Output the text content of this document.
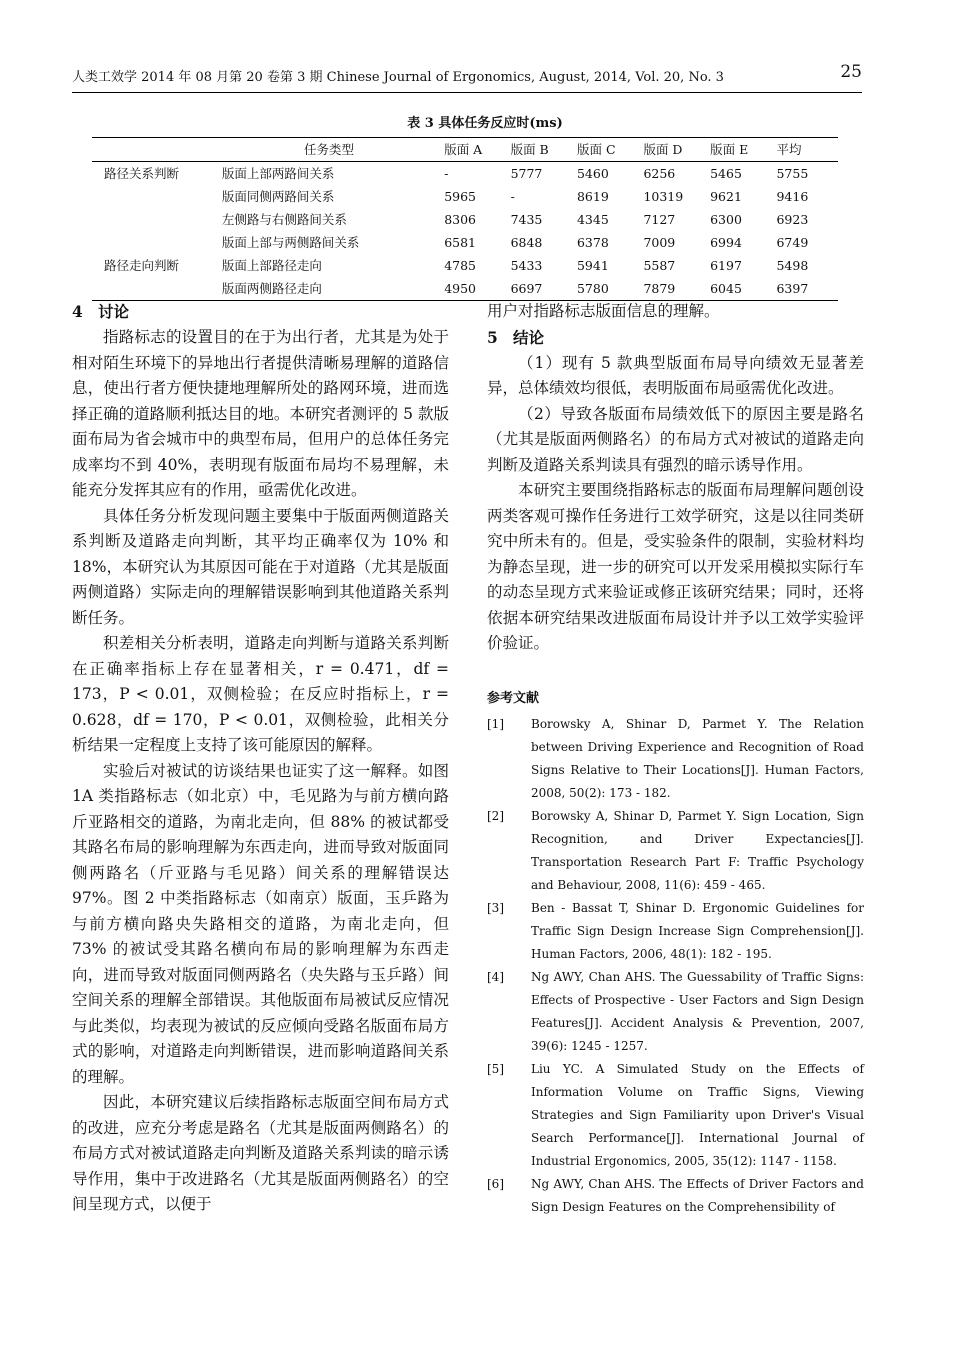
人类工效学 2014 年 08 月第 20 卷第 3 期 Chinese Journal of Ergonomics, August, 2014, Vol. 20, No. 3	25
表 3 具体任务反应时(ms)
	任务类型	版面 A	版面 B	版面 C	版面 D	版面 E	平均
路径关系判断	版面上部两路间关系	-	5777	5460	6256	5465	5755
	版面同侧两路间关系	5965	-	8619	10319	9621	9416
	左侧路与右侧路间关系	8306	7435	4345	7127	6300	6923
	版面上部与两侧路间关系	6581	6848	6378	7009	6994	6749
路径走向判断	版面上部路径走向	4785	5433	5941	5587	6197	5498
	版面两侧路径走向	4950	6697	5780	7879	6045	6397
4 讨论

指路标志的设置目的在于为出行者，尤其是为处于相对陌生环境下的异地出行者提供清晰易理解的道路信息，使出行者方便快捷地理解所处的路网环境，进而选择正确的道路顺利抵达目的地。本研究者测评的 5 款版面布局为省会城市中的典型布局，但用户的总体任务完成率均不到 40%，表明现有版面布局均不易理解，未能充分发挥其应有的作用，亟需优化改进。

具体任务分析发现问题主要集中于版面两侧道路关系判断及道路走向判断，其平均正确率仅为 10% 和 18%，本研究认为其原因可能在于对道路（尤其是版面两侧道路）实际走向的理解错误影响到其他道路关系判断任务。

积差相关分析表明，道路走向判断与道路关系判断在正确率指标上存在显著相关，r = 0.471，df = 173，P < 0.01，双侧检验；在反应时指标上，r = 0.628，df = 170，P < 0.01，双侧检验，此相关分析结果一定程度上支持了该可能原因的解释。

实验后对被试的访谈结果也证实了这一解释。如图 1A 类指路标志（如北京）中，毛见路为与前方横向路斤亚路相交的道路，为南北走向，但 88% 的被试都受其路名布局的影响理解为东西走向，进而导致对版面同侧两路名（斤亚路与毛见路）间关系的理解错误达 97%。图 2 中类指路标志（如南京）版面，玉乒路为与前方横向路央失路相交的道路，为南北走向，但 73% 的被试受其路名横向布局的影响理解为东西走向，进而导致对版面同侧两路名（央失路与玉乒路）间空间关系的理解全部错误。其他版面布局被试反应情况与此类似，均表现为被试的反应倾向受路名版面布局方式的影响，对道路走向判断错误，进而影响道路间关系的理解。

因此，本研究建议后续指路标志版面空间布局方式的改进，应充分考虑是路名（尤其是版面两侧路名）的布局方式对被试道路走向判断及道路关系判读的暗示诱导作用，集中于改进路名（尤其是版面两侧路名）的空间呈现方式，以便于

用户对指路标志版面信息的理解。

5 结论

（1）现有 5 款典型版面布局导向绩效无显著差异，总体绩效均很低，表明版面布局亟需优化改进。

（2）导致各版面布局绩效低下的原因主要是路名（尤其是版面两侧路名）的布局方式对被试的道路走向判断及道路关系判读具有强烈的暗示诱导作用。

本研究主要围绕指路标志的版面布局理解问题创设两类客观可操作任务进行工效学研究，这是以往同类研究中所未有的。但是，受实验条件的限制，实验材料均为静态呈现，进一步的研究可以开发采用模拟实际行车的动态呈现方式来验证或修正该研究结果；同时，还将依据本研究结果改进版面布局设计并予以工效学实验评价验证。

参考文献
[1]	Borowsky A, Shinar D, Parmet Y. The Relation between Driving Experience and Recognition of Road Signs Relative to Their Locations[J]. Human Factors, 2008, 50(2): 173 - 182.
[2]	Borowsky A, Shinar D, Parmet Y. Sign Location, Sign Recognition, and Driver Expectancies[J]. Transportation Research Part F: Traffic Psychology and Behaviour, 2008, 11(6): 459 - 465.
[3]	Ben - Bassat T, Shinar D. Ergonomic Guidelines for Traffic Sign Design Increase Sign Comprehension[J]. Human Factors, 2006, 48(1): 182 - 195.
[4]	Ng AWY, Chan AHS. The Guessability of Traffic Signs: Effects of Prospective - User Factors and Sign Design Features[J]. Accident Analysis & Prevention, 2007, 39(6): 1245 - 1257.
[5]	Liu YC. A Simulated Study on the Effects of Information Volume on Traffic Signs, Viewing Strategies and Sign Familiarity upon Driver's Visual Search Performance[J]. International Journal of Industrial Ergonomics, 2005, 35(12): 1147 - 1158.
[6]	Ng AWY, Chan AHS. The Effects of Driver Factors and Sign Design Features on the Comprehensibility of
